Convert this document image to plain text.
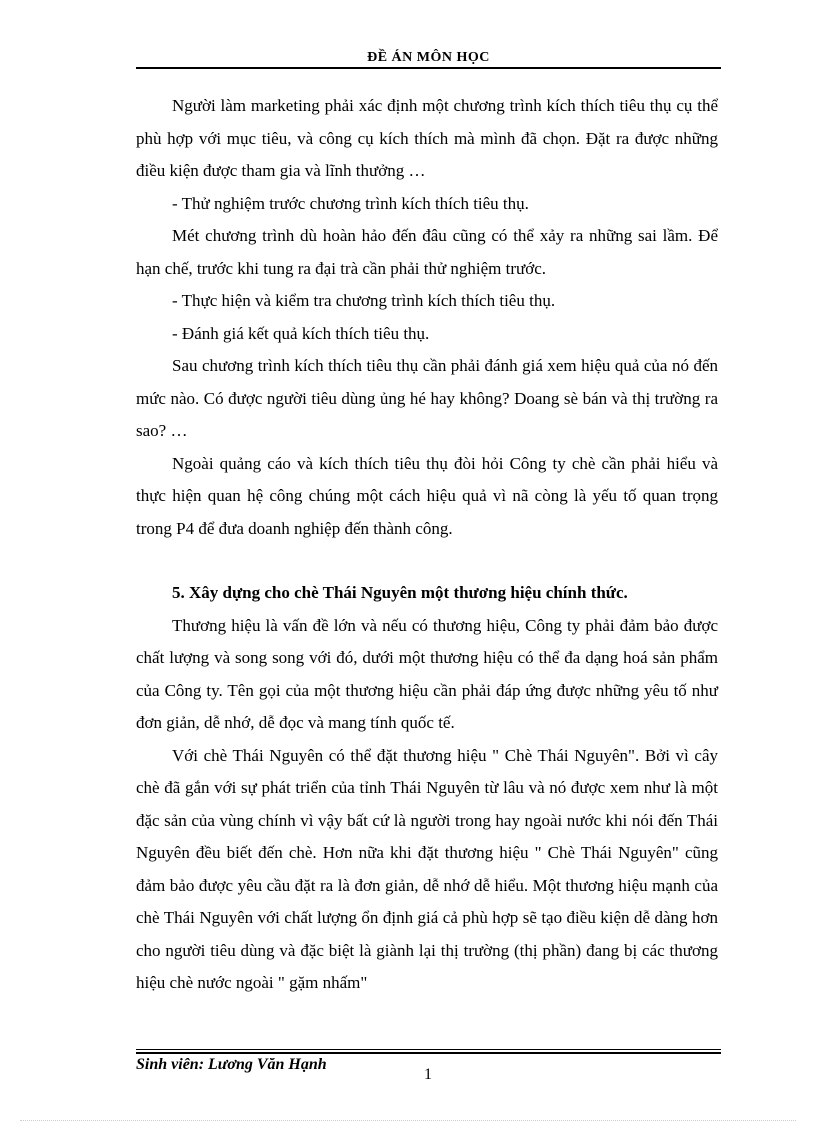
ĐỀ ÁN MÔN HỌC

Người làm marketing phải xác định một chương trình kích thích tiêu thụ cụ thể phù hợp với mục tiêu, và công cụ kích thích mà mình đã chọn. Đặt ra được những điều kiện được tham gia và lĩnh thưởng …

- Thử nghiệm trước chương trình kích thích tiêu thụ.

Mét chương trình dù hoàn hảo đến đâu cũng có thể xảy ra những sai lầm. Để hạn chế, trước khi tung ra đại trà cần phải thử nghiệm trước.

- Thực hiện và kiểm tra chương trình kích thích tiêu thụ.

- Đánh giá kết quả kích thích tiêu thụ.

Sau chương trình kích thích tiêu thụ cần phải đánh giá xem hiệu quả của nó đến mức nào. Có được người tiêu dùng ủng hé hay không? Doang sè bán và thị trường ra sao? …

Ngoài quảng cáo và kích thích tiêu thụ đòi hỏi Công ty chè cần phải hiểu và thực hiện quan hệ công chúng một cách hiệu quả vì nã còng là yếu tố quan trọng trong P4 để đưa doanh nghiệp đến thành công.

5. Xây dựng cho chè Thái Nguyên một thương hiệu chính thức.

Thương hiệu là vấn đề lớn và nếu có thương hiệu, Công ty phải đảm bảo được chất lượng và song song với đó, dưới một thương hiệu có thể đa dạng hoá sản phẩm của Công ty. Tên gọi của một thương hiệu cần phải đáp ứng được những yêu tố như đơn giản, dễ nhớ, dễ đọc và mang tính quốc tế.

Với chè Thái Nguyên có thể đặt thương hiệu " Chè Thái Nguyên". Bởi vì cây chè đã gắn với sự phát triển của tỉnh Thái Nguyên từ lâu và nó được xem như là một đặc sản của vùng chính vì vậy bất cứ là người trong hay ngoài nước khi nói đến Thái Nguyên đều biết đến chè. Hơn nữa khi đặt thương hiệu " Chè Thái Nguyên" cũng đảm bảo được yêu cầu đặt ra là đơn giản, dễ nhớ dễ hiểu. Một thương hiệu mạnh của chè Thái Nguyên với chất lượng ổn định giá cả phù hợp sẽ tạo điều kiện dễ dàng hơn cho người tiêu dùng và đặc biệt là giành lại thị trường (thị phần) đang bị các thương hiệu chè nước ngoài " gặm nhấm"

Sinh viên: Lương Văn Hạnh
1
